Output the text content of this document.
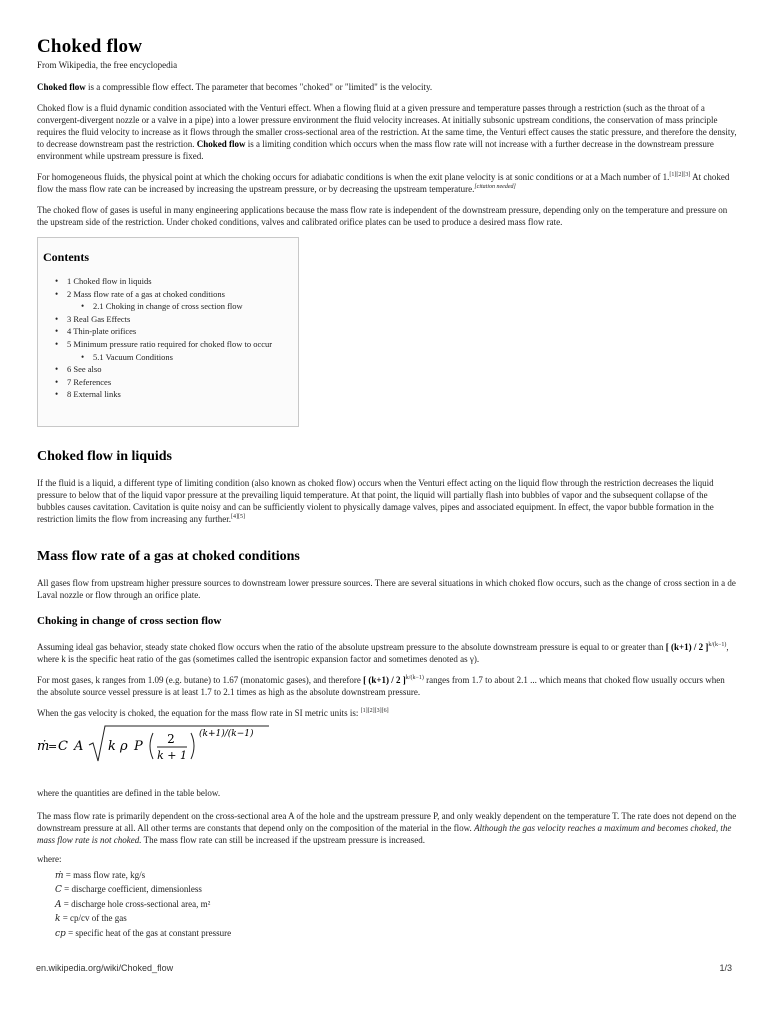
Choked flow
From Wikipedia, the free encyclopedia

Choked flow is a compressible flow effect. The parameter that becomes "choked" or "limited" is the velocity.

Choked flow is a fluid dynamic condition associated with the Venturi effect. When a flowing fluid at a given pressure and temperature passes through a restriction (such as the throat of a convergent-divergent nozzle or a valve in a pipe) into a lower pressure environment the fluid velocity increases. At initially subsonic upstream conditions, the conservation of mass principle requires the fluid velocity to increase as it flows through the smaller cross-sectional area of the restriction. At the same time, the Venturi effect causes the static pressure, and therefore the density, to decrease downstream past the restriction. Choked flow is a limiting condition which occurs when the mass flow rate will not increase with a further decrease in the downstream pressure environment while upstream pressure is fixed.

For homogeneous fluids, the physical point at which the choking occurs for adiabatic conditions is when the exit plane velocity is at sonic conditions or at a Mach number of 1.[1][2][3] At choked flow the mass flow rate can be increased by increasing the upstream pressure, or by decreasing the upstream temperature.[citation needed]

The choked flow of gases is useful in many engineering applications because the mass flow rate is independent of the downstream pressure, depending only on the temperature and pressure on the upstream side of the restriction. Under choked conditions, valves and calibrated orifice plates can be used to produce a desired mass flow rate.

Contents
• 1 Choked flow in liquids
• 2 Mass flow rate of a gas at choked conditions
• 2.1 Choking in change of cross section flow
• 3 Real Gas Effects
• 4 Thin-plate orifices
• 5 Minimum pressure ratio required for choked flow to occur
• 5.1 Vacuum Conditions
• 6 See also
• 7 References
• 8 External links
Choked flow in liquids

If the fluid is a liquid, a different type of limiting condition (also known as choked flow) occurs when the Venturi effect acting on the liquid flow through the restriction decreases the liquid pressure to below that of the liquid vapor pressure at the prevailing liquid temperature. At that point, the liquid will partially flash into bubbles of vapor and the subsequent collapse of the bubbles causes cavitation. Cavitation is quite noisy and can be sufficiently violent to physically damage valves, pipes and associated equipment. In effect, the vapor bubble formation in the restriction limits the flow from increasing any further.[4][5]

Mass flow rate of a gas at choked conditions

All gases flow from upstream higher pressure sources to downstream lower pressure sources. There are several situations in which choked flow occurs, such as the change of cross section in a de Laval nozzle or flow through an orifice plate.

Choking in change of cross section flow

Assuming ideal gas behavior, steady state choked flow occurs when the ratio of the absolute upstream pressure to the absolute downstream pressure is equal to or greater than [ (k+1) / 2 ]$^{k/(k-1)}$, where k is the specific heat ratio of the gas (sometimes called the isentropic expansion factor and sometimes denoted as γ).

For most gases, k ranges from 1.09 (e.g. butane) to 1.67 (monatomic gases), and therefore [ (k+1) / 2 ]$^{k/(k-1)}$ ranges from 1.7 to about 2.1 ... which means that choked flow usually occurs when the absolute source vessel pressure is at least 1.7 to 2.1 times as high as the absolute downstream pressure.

When the gas velocity is choked, the equation for the mass flow rate in SI metric units is: [1][2][3][6]

ṁ
= C A k ρ P 2
k + 1
(k+1)/(k−1)

where the quantities are defined in the table below.

The mass flow rate is primarily dependent on the cross-sectional area A of the hole and the upstream pressure P, and only weakly dependent on the temperature T. The rate does not depend on the downstream pressure at all. All other terms are constants that depend only on the composition of the material in the flow. Although the gas velocity reaches a maximum and becomes choked, the mass flow rate is not choked. The mass flow rate can still be increased if the upstream pressure is increased.

where:
ṁ = mass flow rate, kg/s
C = discharge coefficient, dimensionless
A = discharge hole cross-sectional area, m²
k = cp/cv of the gas
cp = specific heat of the gas at constant pressure
en.wikipedia.org/wiki/Choked_flow	1/3
